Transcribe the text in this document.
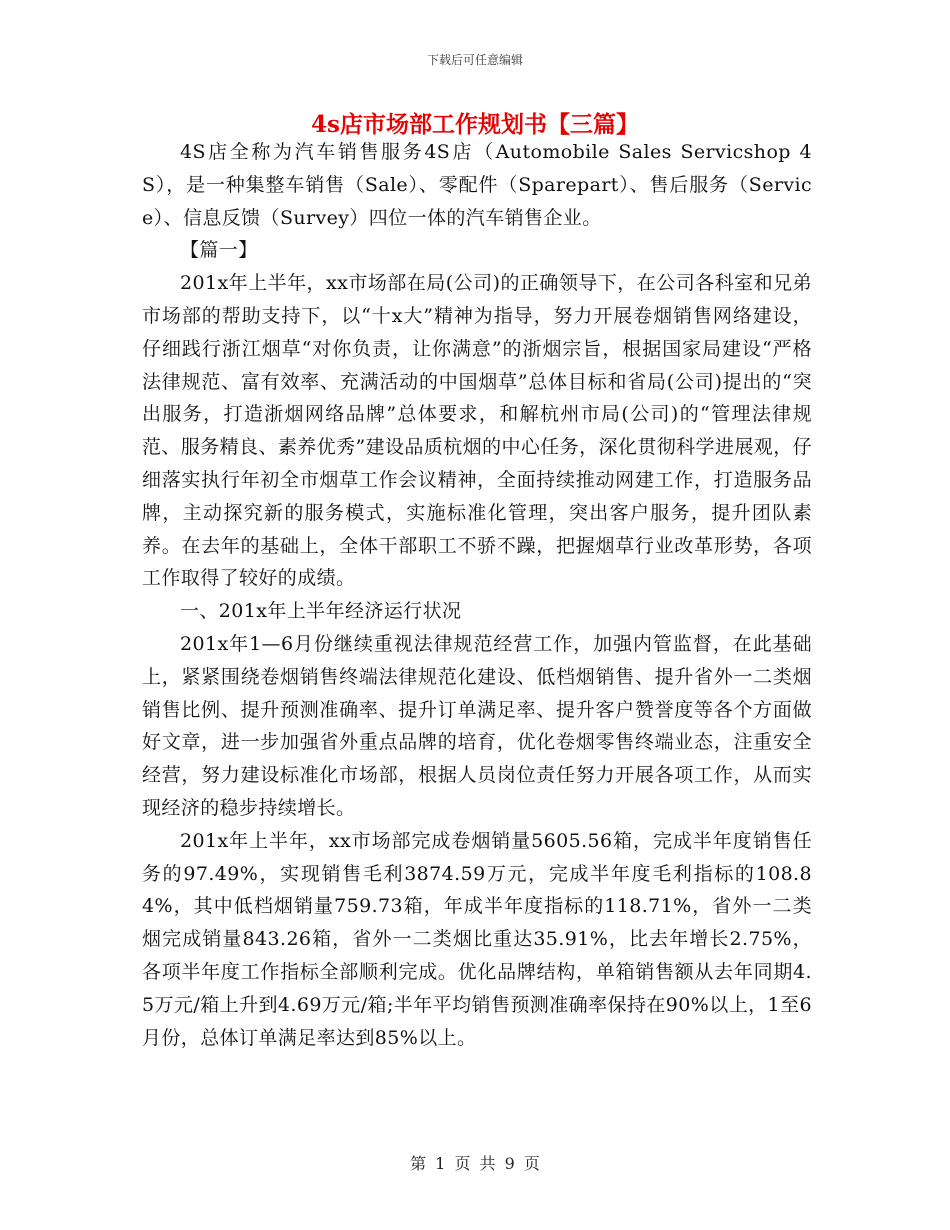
下载后可任意编辑
4s店市场部工作规划书【三篇】

4S店全称为汽车销售服务4S店（Automobile Sales Servicshop 4S），是一种集整车销售（Sale）、零配件（Sparepart）、售后服务（Service）、信息反馈（Survey）四位一体的汽车销售企业。

【篇一】

201x年上半年，xx市场部在局(公司)的正确领导下，在公司各科室和兄弟市场部的帮助支持下，以“十x大”精神为指导，努力开展卷烟销售网络建设，仔细践行浙江烟草“对你负责，让你满意”的浙烟宗旨，根据国家局建设“严格法律规范、富有效率、充满活动的中国烟草”总体目标和省局(公司)提出的“突出服务，打造浙烟网络品牌”总体要求，和解杭州市局(公司)的“管理法律规范、服务精良、素养优秀”建设品质杭烟的中心任务，深化贯彻科学进展观，仔细落实执行年初全市烟草工作会议精神，全面持续推动网建工作，打造服务品牌，主动探究新的服务模式，实施标准化管理，突出客户服务，提升团队素养。在去年的基础上，全体干部职工不骄不躁，把握烟草行业改革形势，各项工作取得了较好的成绩。

一、201x年上半年经济运行状况

201x年1—6月份继续重视法律规范经营工作，加强内管监督，在此基础上，紧紧围绕卷烟销售终端法律规范化建设、低档烟销售、提升省外一二类烟销售比例、提升预测准确率、提升订单满足率、提升客户赞誉度等各个方面做好文章，进一步加强省外重点品牌的培育，优化卷烟零售终端业态，注重安全经营，努力建设标准化市场部，根据人员岗位责任努力开展各项工作，从而实现经济的稳步持续增长。

201x年上半年，xx市场部完成卷烟销量5605.56箱，完成半年度销售任务的97.49%，实现销售毛利3874.59万元，完成半年度毛利指标的108.84%，其中低档烟销量759.73箱，年成半年度指标的118.71%，省外一二类烟完成销量843.26箱，省外一二类烟比重达35.91%，比去年增长2.75%，各项半年度工作指标全部顺利完成。优化品牌结构，单箱销售额从去年同期4.5万元/箱上升到4.69万元/箱;半年平均销售预测准确率保持在90%以上，1至6月份，总体订单满足率达到85%以上。

第 1 页 共 9 页
